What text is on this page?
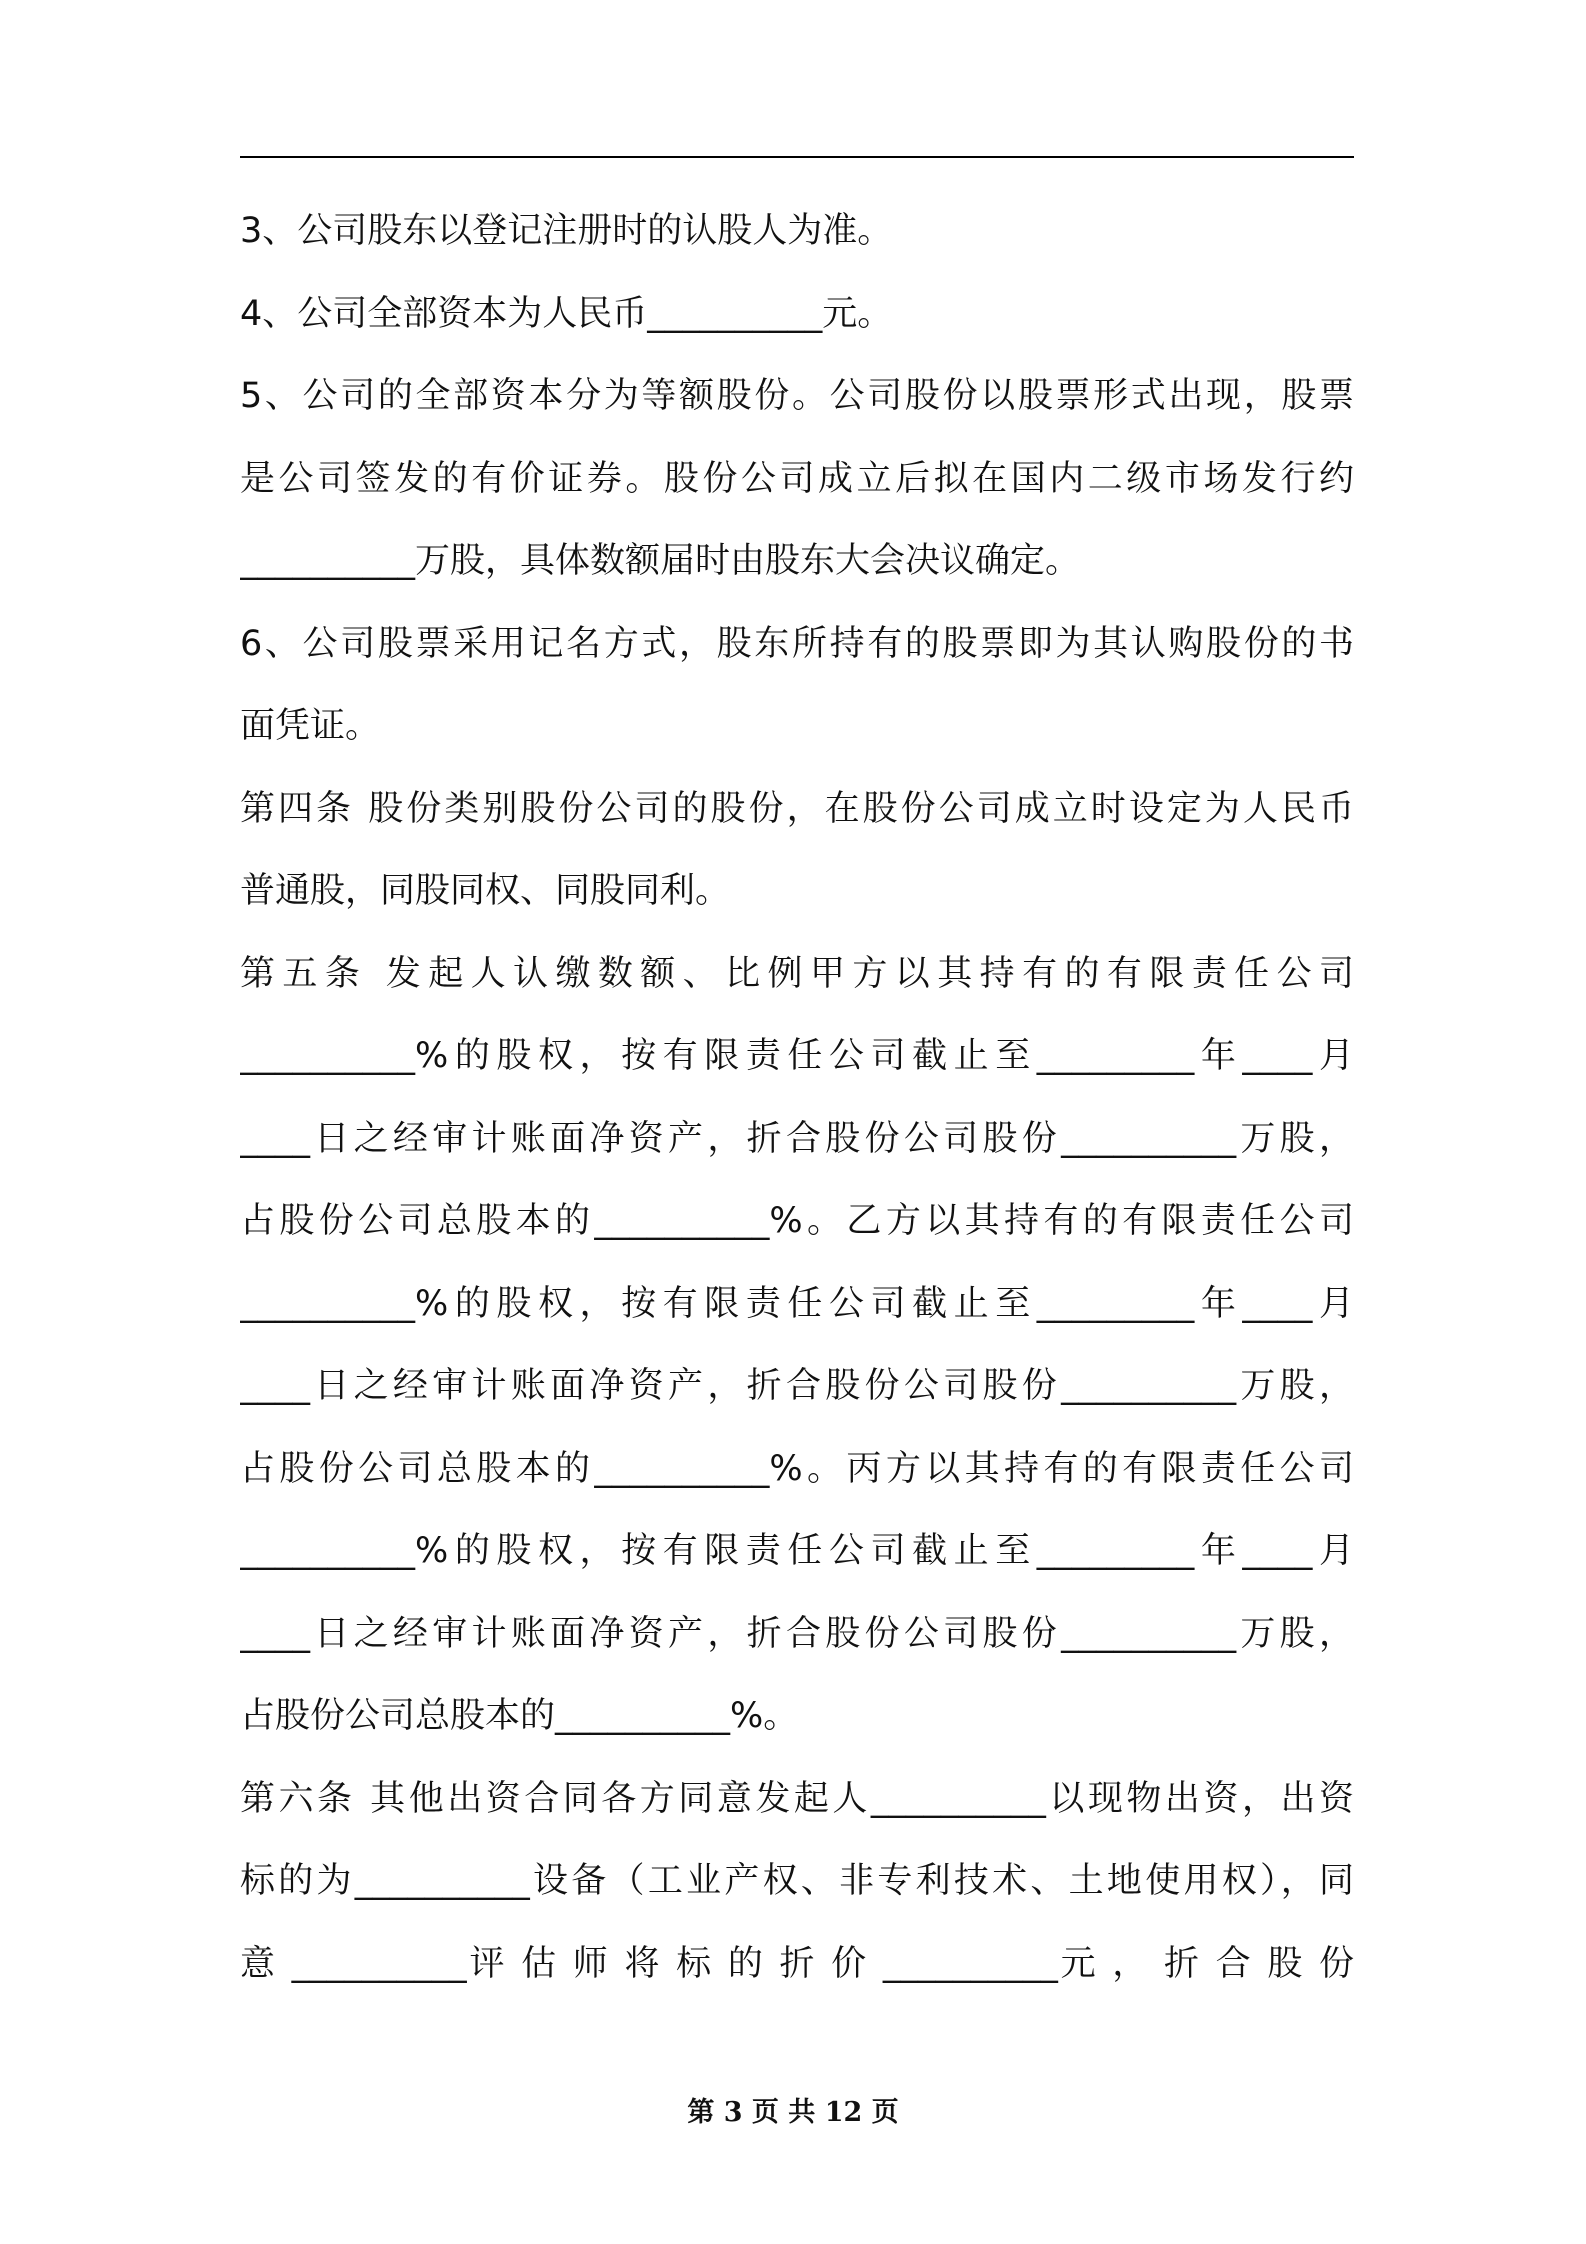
3、公司股东以登记注册时的认股人为准。
4、公司全部资本为人民币__________元。
5、公司的全部资本分为等额股份。公司股份以股票形式出现，股票
是公司签发的有价证券。股份公司成立后拟在国内二级市场发行约
__________万股，具体数额届时由股东大会决议确定。
6、公司股票采用记名方式，股东所持有的股票即为其认购股份的书
面凭证。
第四条 股份类别股份公司的股份，在股份公司成立时设定为人民币
普通股，同股同权、同股同利。
第五条 发起人认缴数额、比例甲方以其持有的有限责任公司
__________%的股权，按有限责任公司截止至_________年____月
____日之经审计账面净资产，折合股份公司股份__________万股，
占股份公司总股本的__________%。乙方以其持有的有限责任公司
__________%的股权，按有限责任公司截止至_________年____月
____日之经审计账面净资产，折合股份公司股份__________万股，
占股份公司总股本的__________%。丙方以其持有的有限责任公司
__________%的股权，按有限责任公司截止至_________年____月
____日之经审计账面净资产，折合股份公司股份__________万股，
占股份公司总股本的__________%。
第六条 其他出资合同各方同意发起人__________以现物出资，出资
标的为__________设备（工业产权、非专利技术、土地使用权），同
意 __________评 估 师 将 标 的 折 价 __________元 ， 折 合 股 份
第 3 页 共 12 页
